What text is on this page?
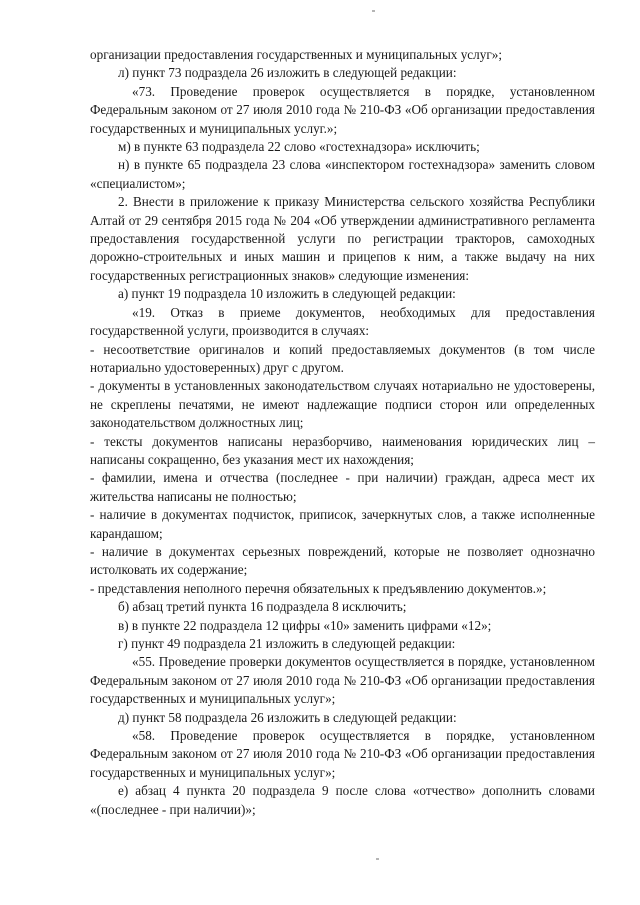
организации предоставления государственных и муниципальных услуг»;

л) пункт 73 подраздела 26 изложить в следующей редакции:

«73. Проведение проверок осуществляется в порядке, установленном Федеральным законом от 27 июля 2010 года № 210-ФЗ «Об организации предоставления государственных и муниципальных услуг.»;

м) в пункте 63 подраздела 22 слово «гостехнадзора» исключить;

н) в пункте 65 подраздела 23 слова «инспектором гостехнадзора» заменить словом «специалистом»;

2. Внести в приложение к приказу Министерства сельского хозяйства Республики Алтай от 29 сентября 2015 года № 204 «Об утверждении административного регламента предоставления государственной услуги по регистрации тракторов, самоходных дорожно-строительных и иных машин и прицепов к ним, а также выдачу на них государственных регистрационных знаков» следующие изменения:

а) пункт 19 подраздела 10 изложить в следующей редакции:

«19. Отказ в приеме документов, необходимых для предоставления государственной услуги, производится в случаях:

- несоответствие оригиналов и копий предоставляемых документов (в том числе нотариально удостоверенных) друг с другом.

- документы в установленных законодательством случаях нотариально не удостоверены, не скреплены печатями, не имеют надлежащие подписи сторон или определенных законодательством должностных лиц;

- тексты документов написаны неразборчиво, наименования юридических лиц – написаны сокращенно, без указания мест их нахождения;

- фамилии, имена и отчества (последнее - при наличии) граждан, адреса мест их жительства написаны не полностью;

- наличие в документах подчисток, приписок, зачеркнутых слов, а также исполненные карандашом;

- наличие в документах серьезных повреждений, которые не позволяет однозначно истолковать их содержание;

- представления неполного перечня обязательных к предъявлению документов.»;

б) абзац третий пункта 16 подраздела 8 исключить;

в) в пункте 22 подраздела 12 цифры «10» заменить цифрами «12»;

г) пункт 49 подраздела 21 изложить в следующей редакции:

«55. Проведение проверки документов осуществляется в порядке, установленном Федеральным законом от 27 июля 2010 года № 210-ФЗ «Об организации предоставления государственных и муниципальных услуг»;

д) пункт 58 подраздела 26 изложить в следующей редакции:

«58. Проведение проверок осуществляется в порядке, установленном Федеральным законом от 27 июля 2010 года № 210-ФЗ «Об организации предоставления государственных и муниципальных услуг»;

е) абзац 4 пункта 20 подраздела 9 после слова «отчество» дополнить словами «(последнее - при наличии)»;
